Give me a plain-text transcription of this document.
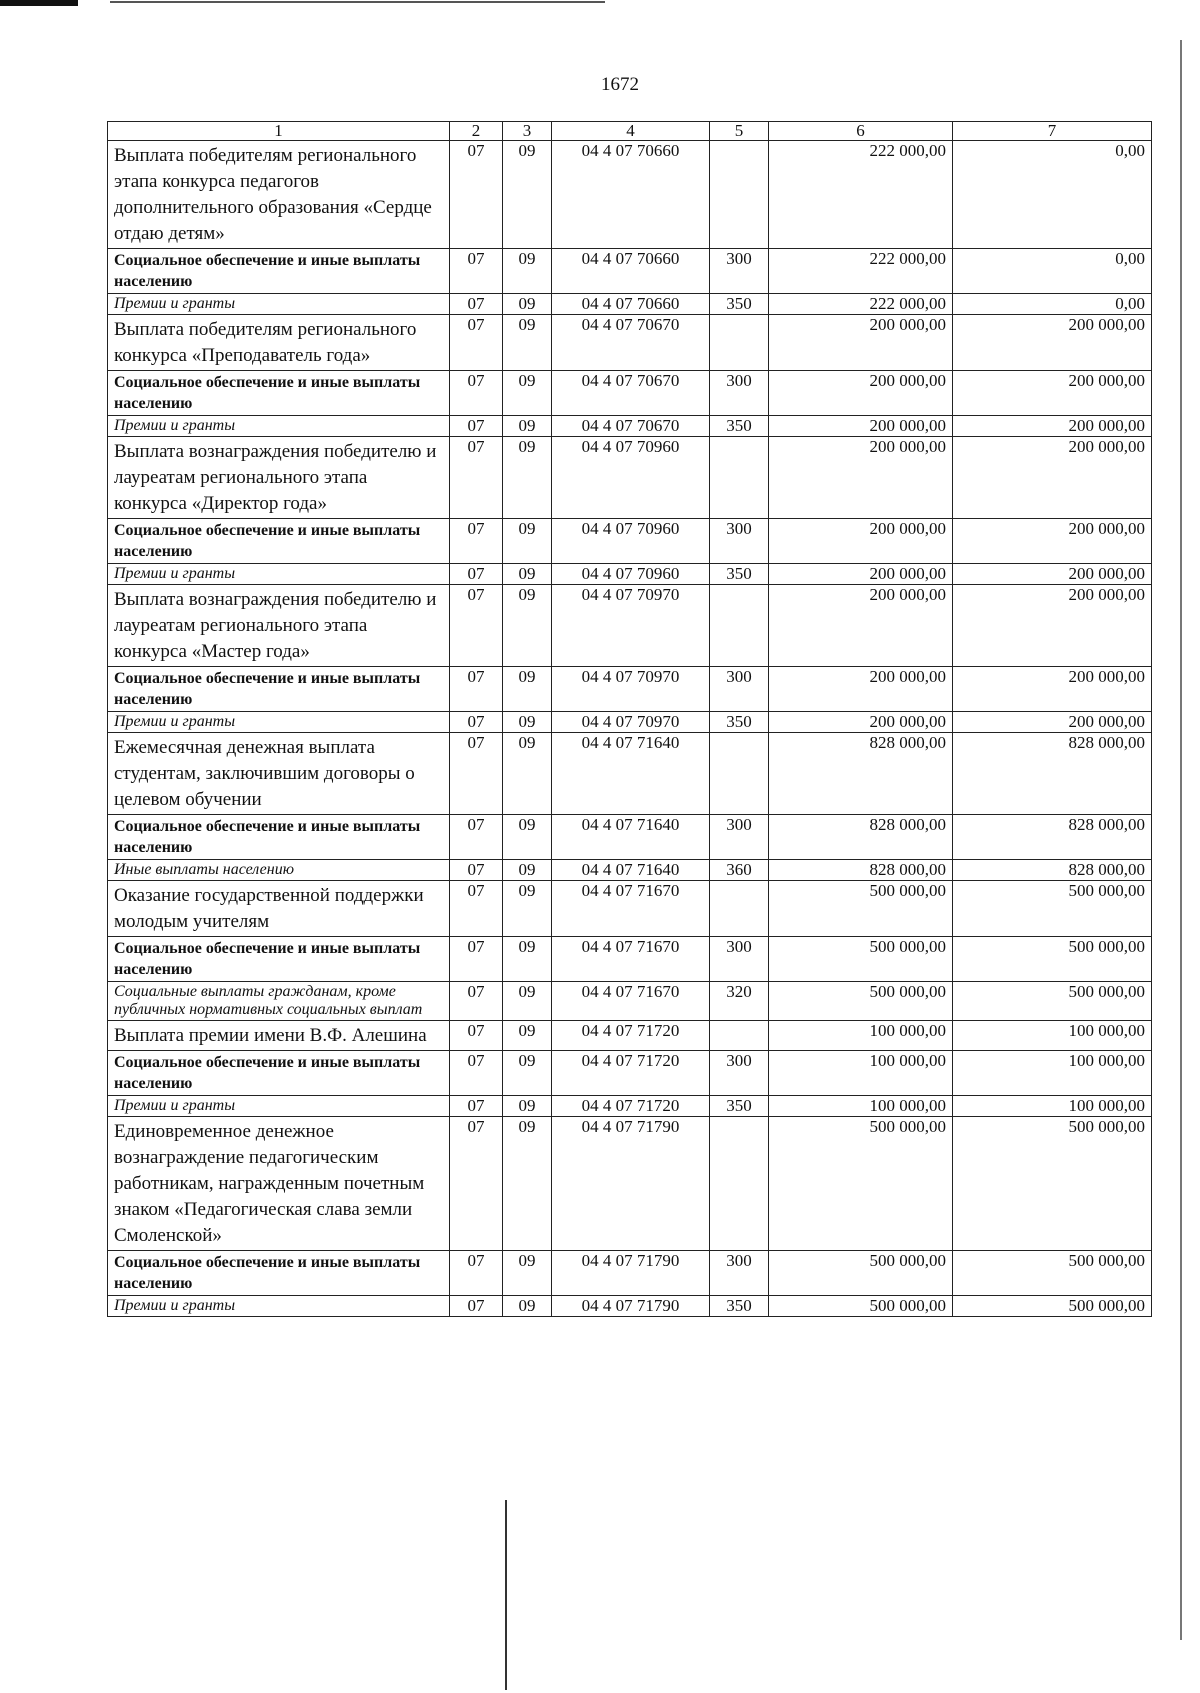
1672
1	2	3	4	5	6	7
Выплата победителям регионального этапа конкурса педагогов дополнительного образования «Сердце отдаю детям»	07	09	04 4 07 70660		222 000,00	0,00
Социальное обеспечение и иные выплаты населению	07	09	04 4 07 70660	300	222 000,00	0,00
Премии и гранты	07	09	04 4 07 70660	350	222 000,00	0,00
Выплата победителям регионального конкурса «Преподаватель года»	07	09	04 4 07 70670		200 000,00	200 000,00
Социальное обеспечение и иные выплаты населению	07	09	04 4 07 70670	300	200 000,00	200 000,00
Премии и гранты	07	09	04 4 07 70670	350	200 000,00	200 000,00
Выплата вознаграждения победителю и лауреатам регионального этапа конкурса «Директор года»	07	09	04 4 07 70960		200 000,00	200 000,00
Социальное обеспечение и иные выплаты населению	07	09	04 4 07 70960	300	200 000,00	200 000,00
Премии и гранты	07	09	04 4 07 70960	350	200 000,00	200 000,00
Выплата вознаграждения победителю и лауреатам регионального этапа конкурса «Мастер года»	07	09	04 4 07 70970		200 000,00	200 000,00
Социальное обеспечение и иные выплаты населению	07	09	04 4 07 70970	300	200 000,00	200 000,00
Премии и гранты	07	09	04 4 07 70970	350	200 000,00	200 000,00
Ежемесячная денежная выплата студентам, заключившим договоры о целевом обучении	07	09	04 4 07 71640		828 000,00	828 000,00
Социальное обеспечение и иные выплаты населению	07	09	04 4 07 71640	300	828 000,00	828 000,00
Иные выплаты населению	07	09	04 4 07 71640	360	828 000,00	828 000,00
Оказание государственной поддержки молодым учителям	07	09	04 4 07 71670		500 000,00	500 000,00
Социальное обеспечение и иные выплаты населению	07	09	04 4 07 71670	300	500 000,00	500 000,00
Социальные выплаты гражданам, кроме публичных нормативных социальных выплат	07	09	04 4 07 71670	320	500 000,00	500 000,00
Выплата премии имени В.Ф. Алешина	07	09	04 4 07 71720		100 000,00	100 000,00
Социальное обеспечение и иные выплаты населению	07	09	04 4 07 71720	300	100 000,00	100 000,00
Премии и гранты	07	09	04 4 07 71720	350	100 000,00	100 000,00
Единовременное денежное вознаграждение педагогическим работникам, награжденным почетным знаком «Педагогическая слава земли Смоленской»	07	09	04 4 07 71790		500 000,00	500 000,00
Социальное обеспечение и иные выплаты населению	07	09	04 4 07 71790	300	500 000,00	500 000,00
Премии и гранты	07	09	04 4 07 71790	350	500 000,00	500 000,00
